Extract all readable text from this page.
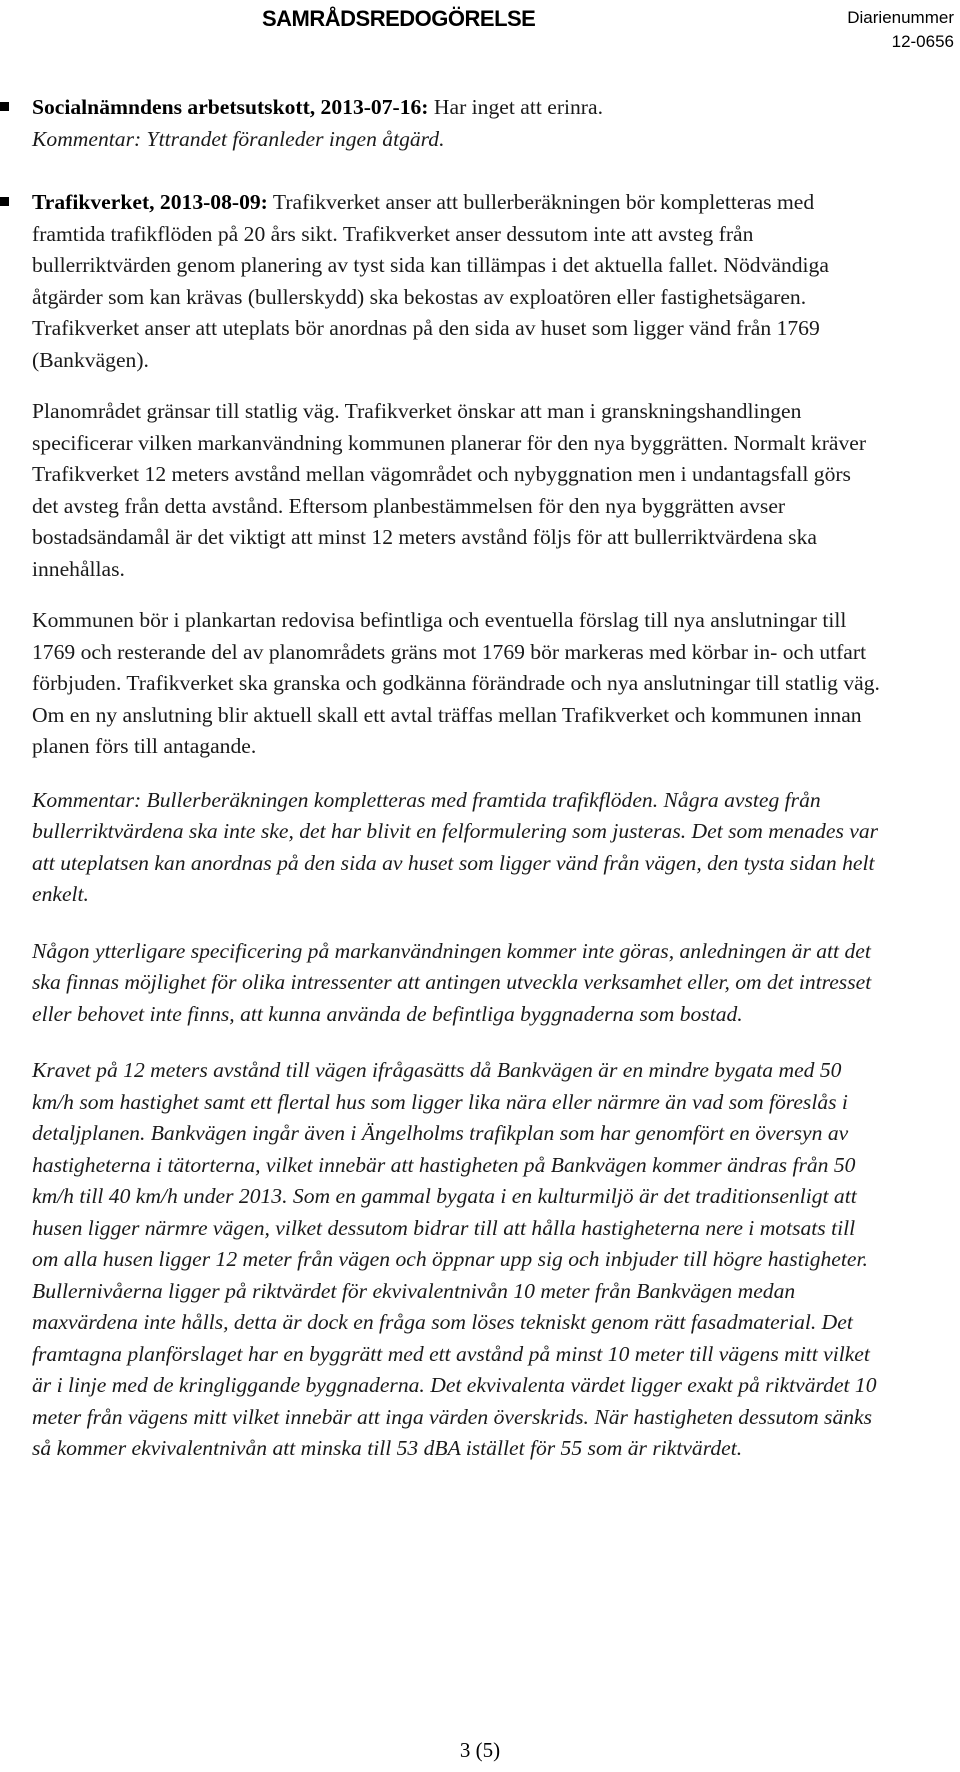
SAMRÅDSREDOGÖRELSE	Diarienummer
12-0656

Socialnämndens arbetsutskott, 2013-07-16: Har inget att erinra.

Kommentar: Yttrandet föranleder ingen åtgärd.

Trafikverket, 2013-08-09: Trafikverket anser att bullerberäkningen bör kompletteras med framtida trafikflöden på 20 års sikt. Trafikverket anser dessutom inte att avsteg från bullerriktvärden genom planering av tyst sida kan tillämpas i det aktuella fallet. Nödvändiga åtgärder som kan krävas (bullerskydd) ska bekostas av exploatören eller fastighetsägaren. Trafikverket anser att uteplats bör anordnas på den sida av huset som ligger vänd från 1769 (Bankvägen).

Planområdet gränsar till statlig väg. Trafikverket önskar att man i granskningshandlingen specificerar vilken markanvändning kommunen planerar för den nya byggrätten. Normalt kräver Trafikverket 12 meters avstånd mellan vägområdet och nybyggnation men i undantagsfall görs det avsteg från detta avstånd. Eftersom planbestämmelsen för den nya byggrätten avser bostadsändamål är det viktigt att minst 12 meters avstånd följs för att bullerriktvärdena ska innehållas.

Kommunen bör i plankartan redovisa befintliga och eventuella förslag till nya anslutningar till 1769 och resterande del av planområdets gräns mot 1769 bör markeras med körbar in- och utfart förbjuden. Trafikverket ska granska och godkänna förändrade och nya anslutningar till statlig väg. Om en ny anslutning blir aktuell skall ett avtal träffas mellan Trafikverket och kommunen innan planen förs till antagande.

Kommentar: Bullerberäkningen kompletteras med framtida trafikflöden. Några avsteg från bullerriktvärdena ska inte ske, det har blivit en felformulering som justeras. Det som menades var att uteplatsen kan anordnas på den sida av huset som ligger vänd från vägen, den tysta sidan helt enkelt.

Någon ytterligare specificering på markanvändningen kommer inte göras, anledningen är att det ska finnas möjlighet för olika intressenter att antingen utveckla verksamhet eller, om det intresset eller behovet inte finns, att kunna använda de befintliga byggnaderna som bostad.

Kravet på 12 meters avstånd till vägen ifrågasätts då Bankvägen är en mindre bygata med 50 km/h som hastighet samt ett flertal hus som ligger lika nära eller närmre än vad som föreslås i detaljplanen. Bankvägen ingår även i Ängelholms trafikplan som har genomfört en översyn av hastigheterna i tätorterna, vilket innebär att hastigheten på Bankvägen kommer ändras från 50 km/h till 40 km/h under 2013. Som en gammal bygata i en kulturmiljö är det traditionsenligt att husen ligger närmre vägen, vilket dessutom bidrar till att hålla hastigheterna nere i motsats till om alla husen ligger 12 meter från vägen och öppnar upp sig och inbjuder till högre hastigheter. Bullernivåerna ligger på riktvärdet för ekvivalentnivån 10 meter från Bankvägen medan maxvärdena inte hålls, detta är dock en fråga som löses tekniskt genom rätt fasadmaterial. Det framtagna planförslaget har en byggrätt med ett avstånd på minst 10 meter till vägens mitt vilket är i linje med de kringliggande byggnaderna. Det ekvivalenta värdet ligger exakt på riktvärdet 10 meter från vägens mitt vilket innebär att inga värden överskrids. När hastigheten dessutom sänks så kommer ekvivalentnivån att minska till 53 dBA istället för 55 som är riktvärdet.

3 (5)
